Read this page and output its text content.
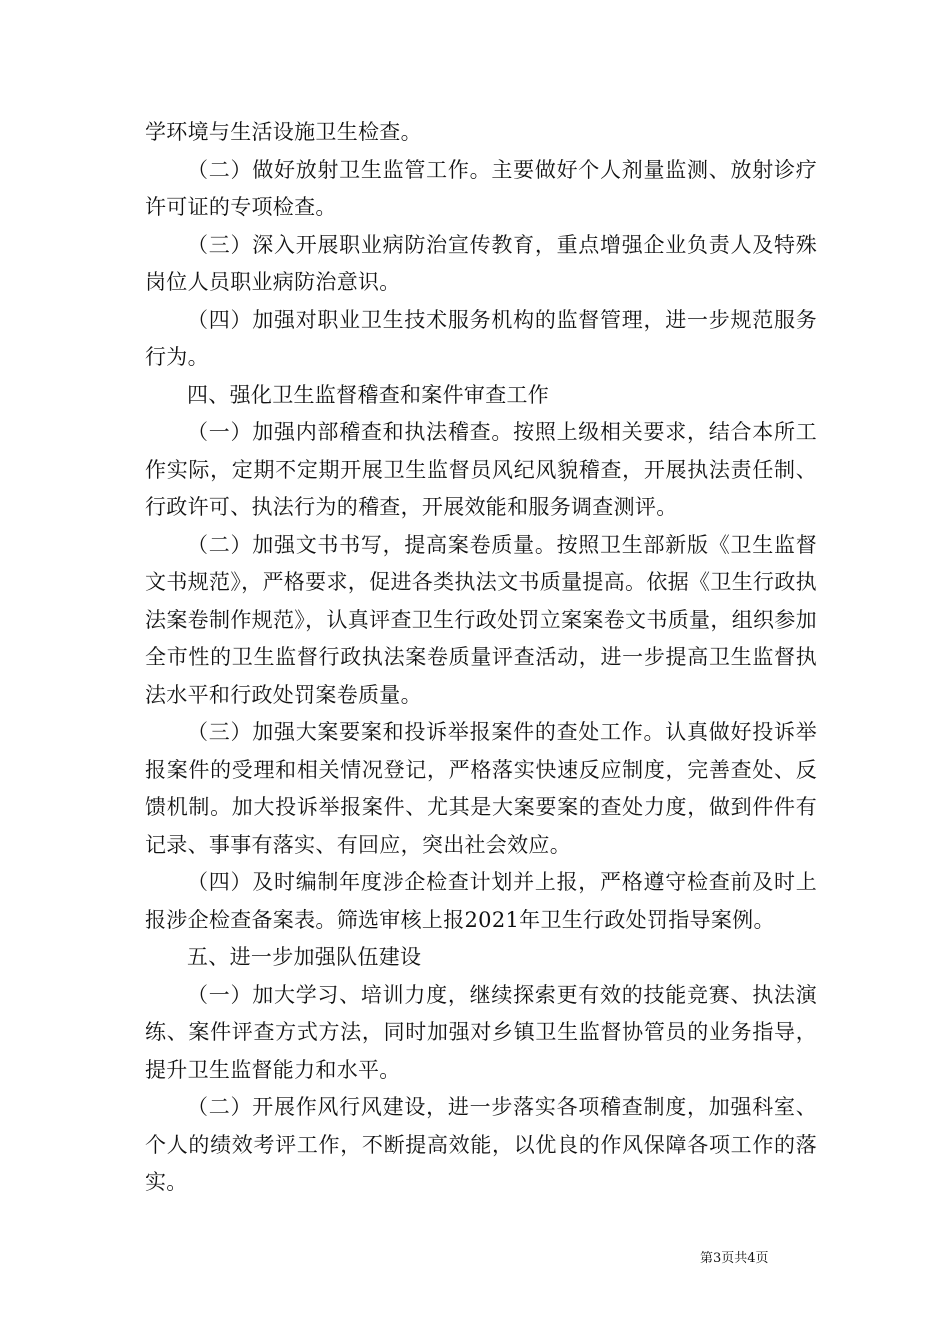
学环境与生活设施卫生检查。

（二）做好放射卫生监管工作。主要做好个人剂量监测、放射诊疗许可证的专项检查。

（三）深入开展职业病防治宣传教育，重点增强企业负责人及特殊岗位人员职业病防治意识。

（四）加强对职业卫生技术服务机构的监督管理，进一步规范服务行为。

四、强化卫生监督稽查和案件审查工作

（一）加强内部稽查和执法稽查。按照上级相关要求，结合本所工作实际，定期不定期开展卫生监督员风纪风貌稽查，开展执法责任制、行政许可、执法行为的稽查，开展效能和服务调查测评。

（二）加强文书书写，提高案卷质量。按照卫生部新版《卫生监督文书规范》，严格要求，促进各类执法文书质量提高。依据《卫生行政执法案卷制作规范》，认真评查卫生行政处罚立案案卷文书质量，组织参加全市性的卫生监督行政执法案卷质量评查活动，进一步提高卫生监督执法水平和行政处罚案卷质量。

（三）加强大案要案和投诉举报案件的查处工作。认真做好投诉举报案件的受理和相关情况登记，严格落实快速反应制度，完善查处、反馈机制。加大投诉举报案件、尤其是大案要案的查处力度，做到件件有记录、事事有落实、有回应，突出社会效应。

（四）及时编制年度涉企检查计划并上报，严格遵守检查前及时上报涉企检查备案表。筛选审核上报2021年卫生行政处罚指导案例。

五、进一步加强队伍建设

（一）加大学习、培训力度，继续探索更有效的技能竞赛、执法演练、案件评查方式方法，同时加强对乡镇卫生监督协管员的业务指导，提升卫生监督能力和水平。

（二）开展作风行风建设，进一步落实各项稽查制度，加强科室、个人的绩效考评工作，不断提高效能，以优良的作风保障各项工作的落实。

第3页共4页
